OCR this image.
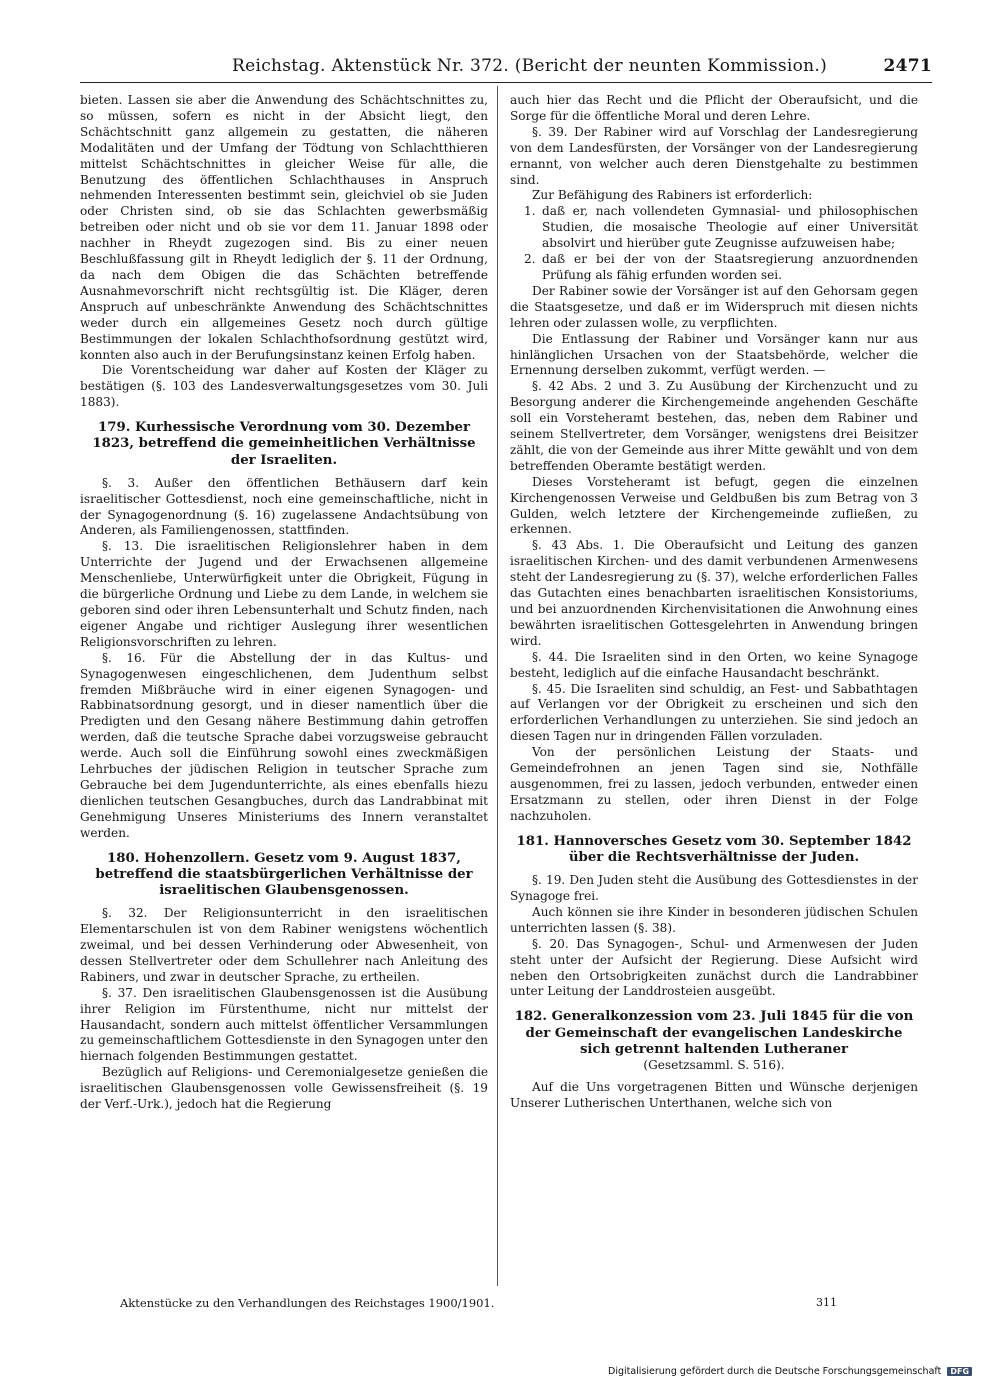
Reichstag. Aktenstück Nr. 372. (Bericht der neunten Kommission.)	2471

bieten. Lassen sie aber die Anwendung des Schächtschnittes zu, so müssen, sofern es nicht in der Absicht liegt, den Schächtschnitt ganz allgemein zu gestatten, die näheren Modalitäten und der Umfang der Tödtung von Schlachtthieren mittelst Schächtschnittes in gleicher Weise für alle, die Benutzung des öffentlichen Schlachthauses in Anspruch nehmenden Interessenten bestimmt sein, gleichviel ob sie Juden oder Christen sind, ob sie das Schlachten gewerbsmäßig betreiben oder nicht und ob sie vor dem 11. Januar 1898 oder nachher in Rheydt zugezogen sind. Bis zu einer neuen Beschlußfassung gilt in Rheydt lediglich der §. 11 der Ordnung, da nach dem Obigen die das Schächten betreffende Ausnahmevorschrift nicht rechtsgültig ist. Die Kläger, deren Anspruch auf unbeschränkte Anwendung des Schächtschnittes weder durch ein allgemeines Gesetz noch durch gültige Bestimmungen der lokalen Schlachthofsordnung gestützt wird, konnten also auch in der Berufungsinstanz keinen Erfolg haben.

Die Vorentscheidung war daher auf Kosten der Kläger zu bestätigen (§. 103 des Landesverwaltungsgesetzes vom 30. Juli 1883).

179. Kurhessische Verordnung vom 30. Dezember 1823, betreffend die gemeinheitlichen Verhältnisse der Israeliten.

§. 3. Außer den öffentlichen Bethäusern darf kein israelitischer Gottesdienst, noch eine gemeinschaftliche, nicht in der Synagogenordnung (§. 16) zugelassene Andachtsübung von Anderen, als Familiengenossen, stattfinden.

§. 13. Die israelitischen Religionslehrer haben in dem Unterrichte der Jugend und der Erwachsenen allgemeine Menschenliebe, Unterwürfigkeit unter die Obrigkeit, Fügung in die bürgerliche Ordnung und Liebe zu dem Lande, in welchem sie geboren sind oder ihren Lebensunterhalt und Schutz finden, nach eigener Angabe und richtiger Auslegung ihrer wesentlichen Religionsvorschriften zu lehren.

§. 16. Für die Abstellung der in das Kultus- und Synagogenwesen eingeschlichenen, dem Judenthum selbst fremden Mißbräuche wird in einer eigenen Synagogen- und Rabbinatsordnung gesorgt, und in dieser namentlich über die Predigten und den Gesang nähere Bestimmung dahin getroffen werden, daß die teutsche Sprache dabei vorzugsweise gebraucht werde. Auch soll die Einführung sowohl eines zweckmäßigen Lehrbuches der jüdischen Religion in teutscher Sprache zum Gebrauche bei dem Jugendunterrichte, als eines ebenfalls hiezu dienlichen teutschen Gesangbuches, durch das Landrabbinat mit Genehmigung Unseres Ministeriums des Innern veranstaltet werden.

180. Hohenzollern. Gesetz vom 9. August 1837, betreffend die staatsbürgerlichen Verhältnisse der israelitischen Glaubensgenossen.

§. 32. Der Religionsunterricht in den israelitischen Elementarschulen ist von dem Rabiner wenigstens wöchentlich zweimal, und bei dessen Verhinderung oder Abwesenheit, von dessen Stellvertreter oder dem Schullehrer nach Anleitung des Rabiners, und zwar in deutscher Sprache, zu ertheilen.

§. 37. Den israelitischen Glaubensgenossen ist die Ausübung ihrer Religion im Fürstenthume, nicht nur mittelst der Hausandacht, sondern auch mittelst öffentlicher Versammlungen zu gemeinschaftlichem Gottesdienste in den Synagogen unter den hiernach folgenden Bestimmungen gestattet.

Bezüglich auf Religions- und Ceremonialgesetze genießen die israelitischen Glaubensgenossen volle Gewissensfreiheit (§. 19 der Verf.-Urk.), jedoch hat die Regierung

auch hier das Recht und die Pflicht der Oberaufsicht, und die Sorge für die öffentliche Moral und deren Lehre.

§. 39. Der Rabiner wird auf Vorschlag der Landesregierung von dem Landesfürsten, der Vorsänger von der Landesregierung ernannt, von welcher auch deren Dienstgehalte zu bestimmen sind.

Zur Befähigung des Rabiners ist erforderlich:

1. daß er, nach vollendeten Gymnasial- und philosophischen Studien, die mosaische Theologie auf einer Universität absolvirt und hierüber gute Zeugnisse aufzuweisen habe;

2. daß er bei der von der Staatsregierung anzuordnenden Prüfung als fähig erfunden worden sei.

Der Rabiner sowie der Vorsänger ist auf den Gehorsam gegen die Staatsgesetze, und daß er im Widerspruch mit diesen nichts lehren oder zulassen wolle, zu verpflichten.

Die Entlassung der Rabiner und Vorsänger kann nur aus hinlänglichen Ursachen von der Staatsbehörde, welcher die Ernennung derselben zukommt, verfügt werden. —

§. 42 Abs. 2 und 3. Zu Ausübung der Kirchenzucht und zu Besorgung anderer die Kirchengemeinde angehenden Geschäfte soll ein Vorsteheramt bestehen, das, neben dem Rabiner und seinem Stellvertreter, dem Vorsänger, wenigstens drei Beisitzer zählt, die von der Gemeinde aus ihrer Mitte gewählt und von dem betreffenden Oberamte bestätigt werden.

Dieses Vorsteheramt ist befugt, gegen die einzelnen Kirchengenossen Verweise und Geldbußen bis zum Betrag von 3 Gulden, welch letztere der Kirchengemeinde zufließen, zu erkennen.

§. 43 Abs. 1. Die Oberaufsicht und Leitung des ganzen israelitischen Kirchen- und des damit verbundenen Armenwesens steht der Landesregierung zu (§. 37), welche erforderlichen Falles das Gutachten eines benachbarten israelitischen Konsistoriums, und bei anzuordnenden Kirchenvisitationen die Anwohnung eines bewährten israelitischen Gottesgelehrten in Anwendung bringen wird.

§. 44. Die Israeliten sind in den Orten, wo keine Synagoge besteht, lediglich auf die einfache Hausandacht beschränkt.

§. 45. Die Israeliten sind schuldig, an Fest- und Sabbathtagen auf Verlangen vor der Obrigkeit zu erscheinen und sich den erforderlichen Verhandlungen zu unterziehen. Sie sind jedoch an diesen Tagen nur in dringenden Fällen vorzuladen.

Von der persönlichen Leistung der Staats- und Gemeindefrohnen an jenen Tagen sind sie, Nothfälle ausgenommen, frei zu lassen, jedoch verbunden, entweder einen Ersatzmann zu stellen, oder ihren Dienst in der Folge nachzuholen.

181. Hannoversches Gesetz vom 30. September 1842 über die Rechtsverhältnisse der Juden.

§. 19. Den Juden steht die Ausübung des Gottesdienstes in der Synagoge frei.

Auch können sie ihre Kinder in besonderen jüdischen Schulen unterrichten lassen (§. 38).

§. 20. Das Synagogen-, Schul- und Armenwesen der Juden steht unter der Aufsicht der Regierung. Diese Aufsicht wird neben den Ortsobrigkeiten zunächst durch die Landrabbiner unter Leitung der Landdrosteien ausgeübt.

182. Generalkonzession vom 23. Juli 1845 für die von der Gemeinschaft der evangelischen Landeskirche sich getrennt haltenden Lutheraner

(Gesetzsamml. S. 516).

Auf die Uns vorgetragenen Bitten und Wünsche derjenigen Unserer Lutherischen Unterthanen, welche sich von

Aktenstücke zu den Verhandlungen des Reichstages 1900/1901.	311
Digitalisierung gefördert durch die Deutsche Forschungsgemeinschaft DFG
